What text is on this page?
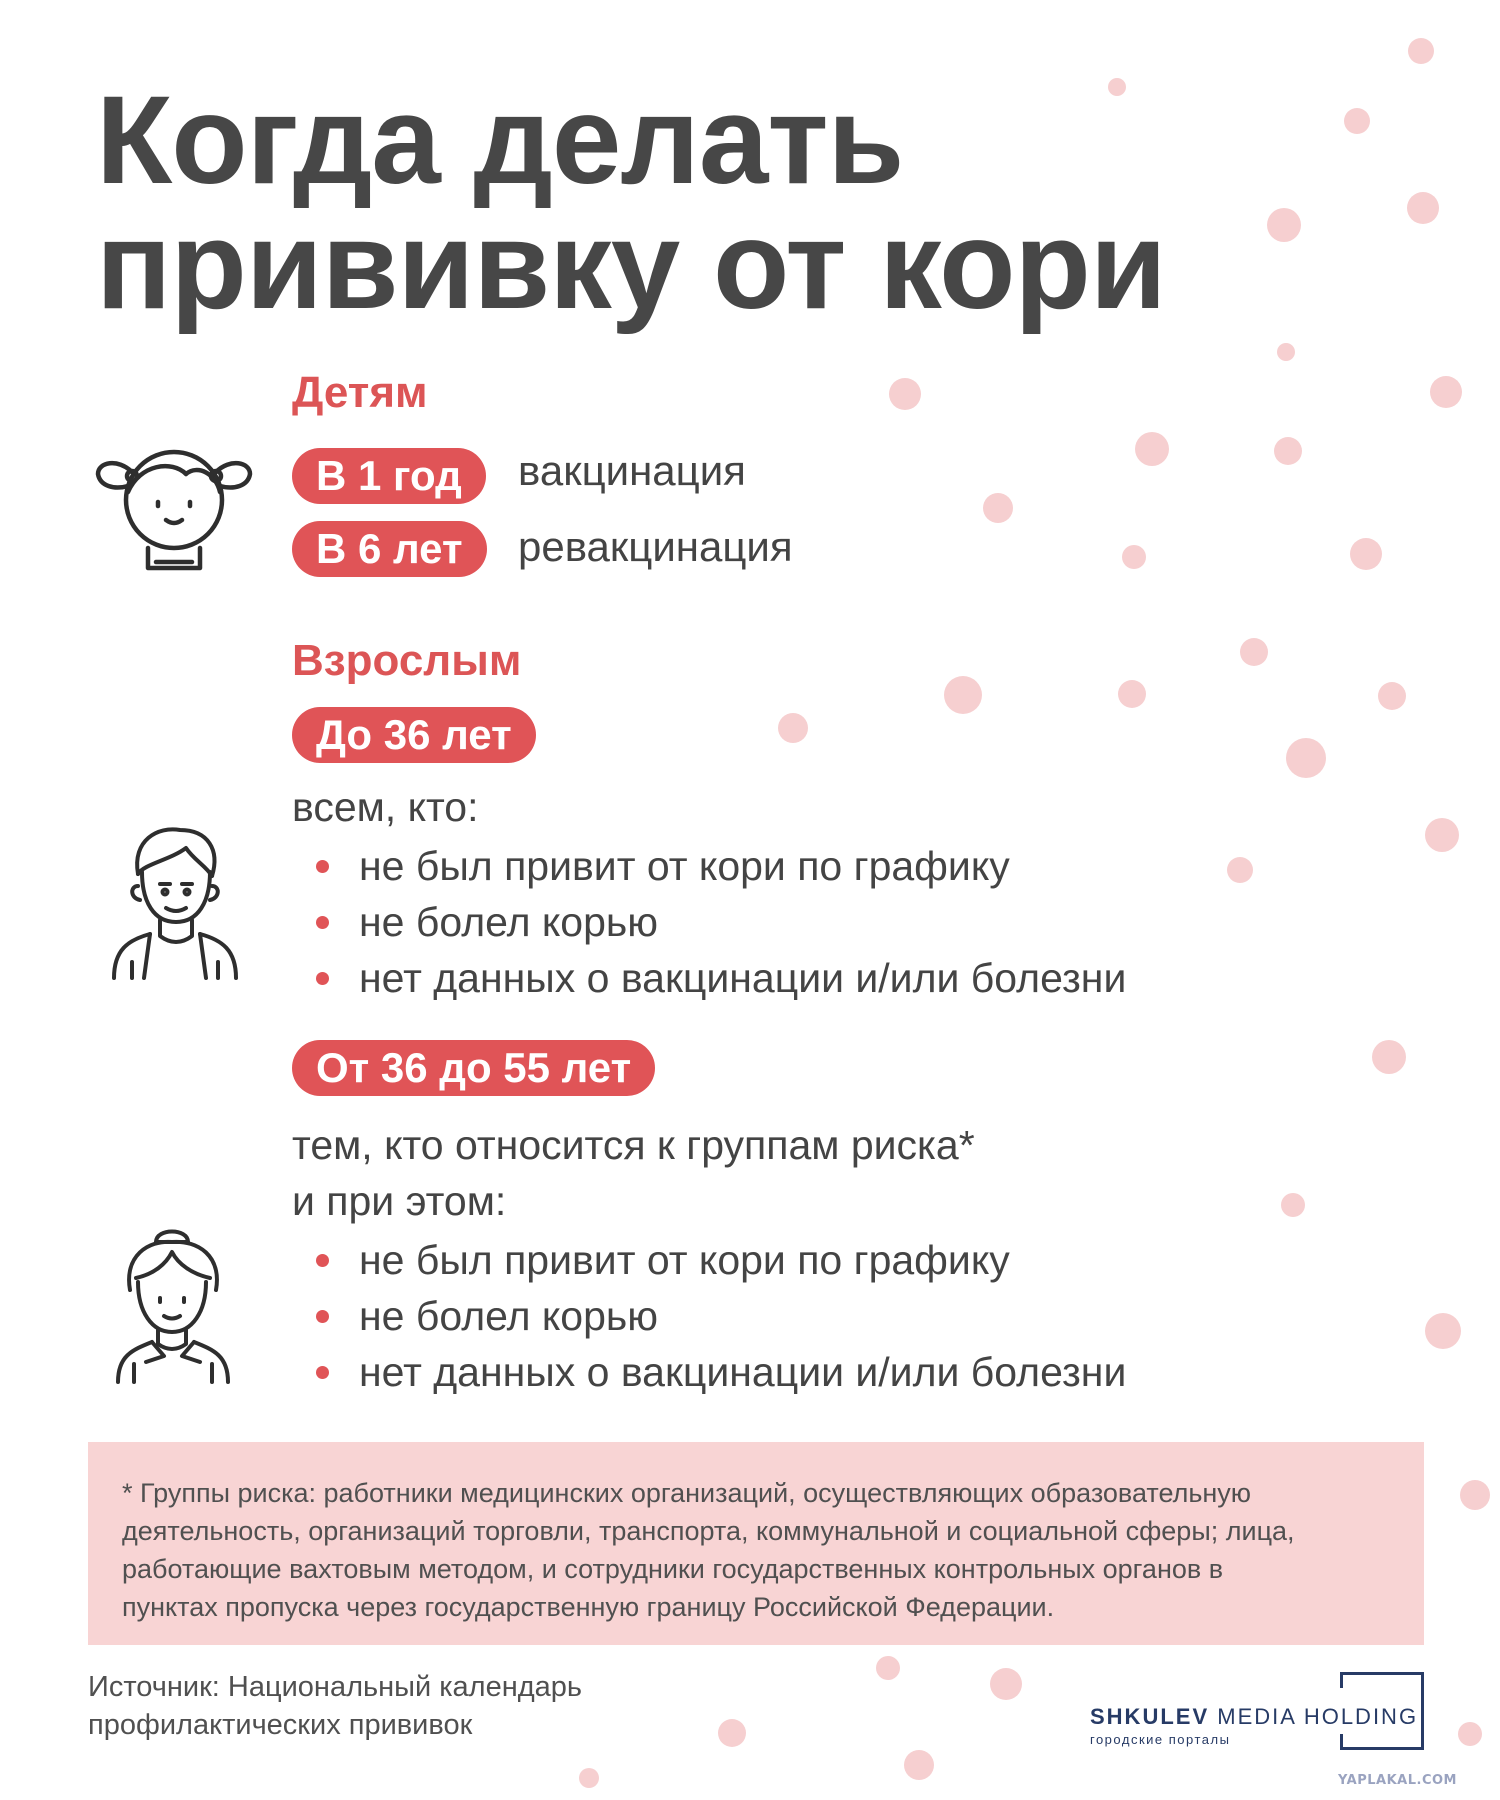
Когда делать
прививку от кори
Детям
В 1 год	вакцинация
В 6 лет	ревакцинация
Взрослым
До 36 лет
всем, кто:
не был привит от кори по графику
не болел корью
нет данных о вакцинации и/или болезни
От 36 до 55 лет
тем, кто относится к группам риска*
и при этом:
не был привит от кори по графику
не болел корью
нет данных о вакцинации и/или болезни

* Группы риска: работники медицинских организаций, осуществляющих образовательную

деятельность, организаций торговли, транспорта, коммунальной и социальной сферы; лица,

работающие вахтовым методом, и сотрудники государственных контрольных органов в

пунктах пропуска через государственную границу Российской Федерации.

Источник: Национальный календарь

профилактических прививок	SHKULEV MEDIA HOLDING
городские порталы
YAPLAKAL.COM
